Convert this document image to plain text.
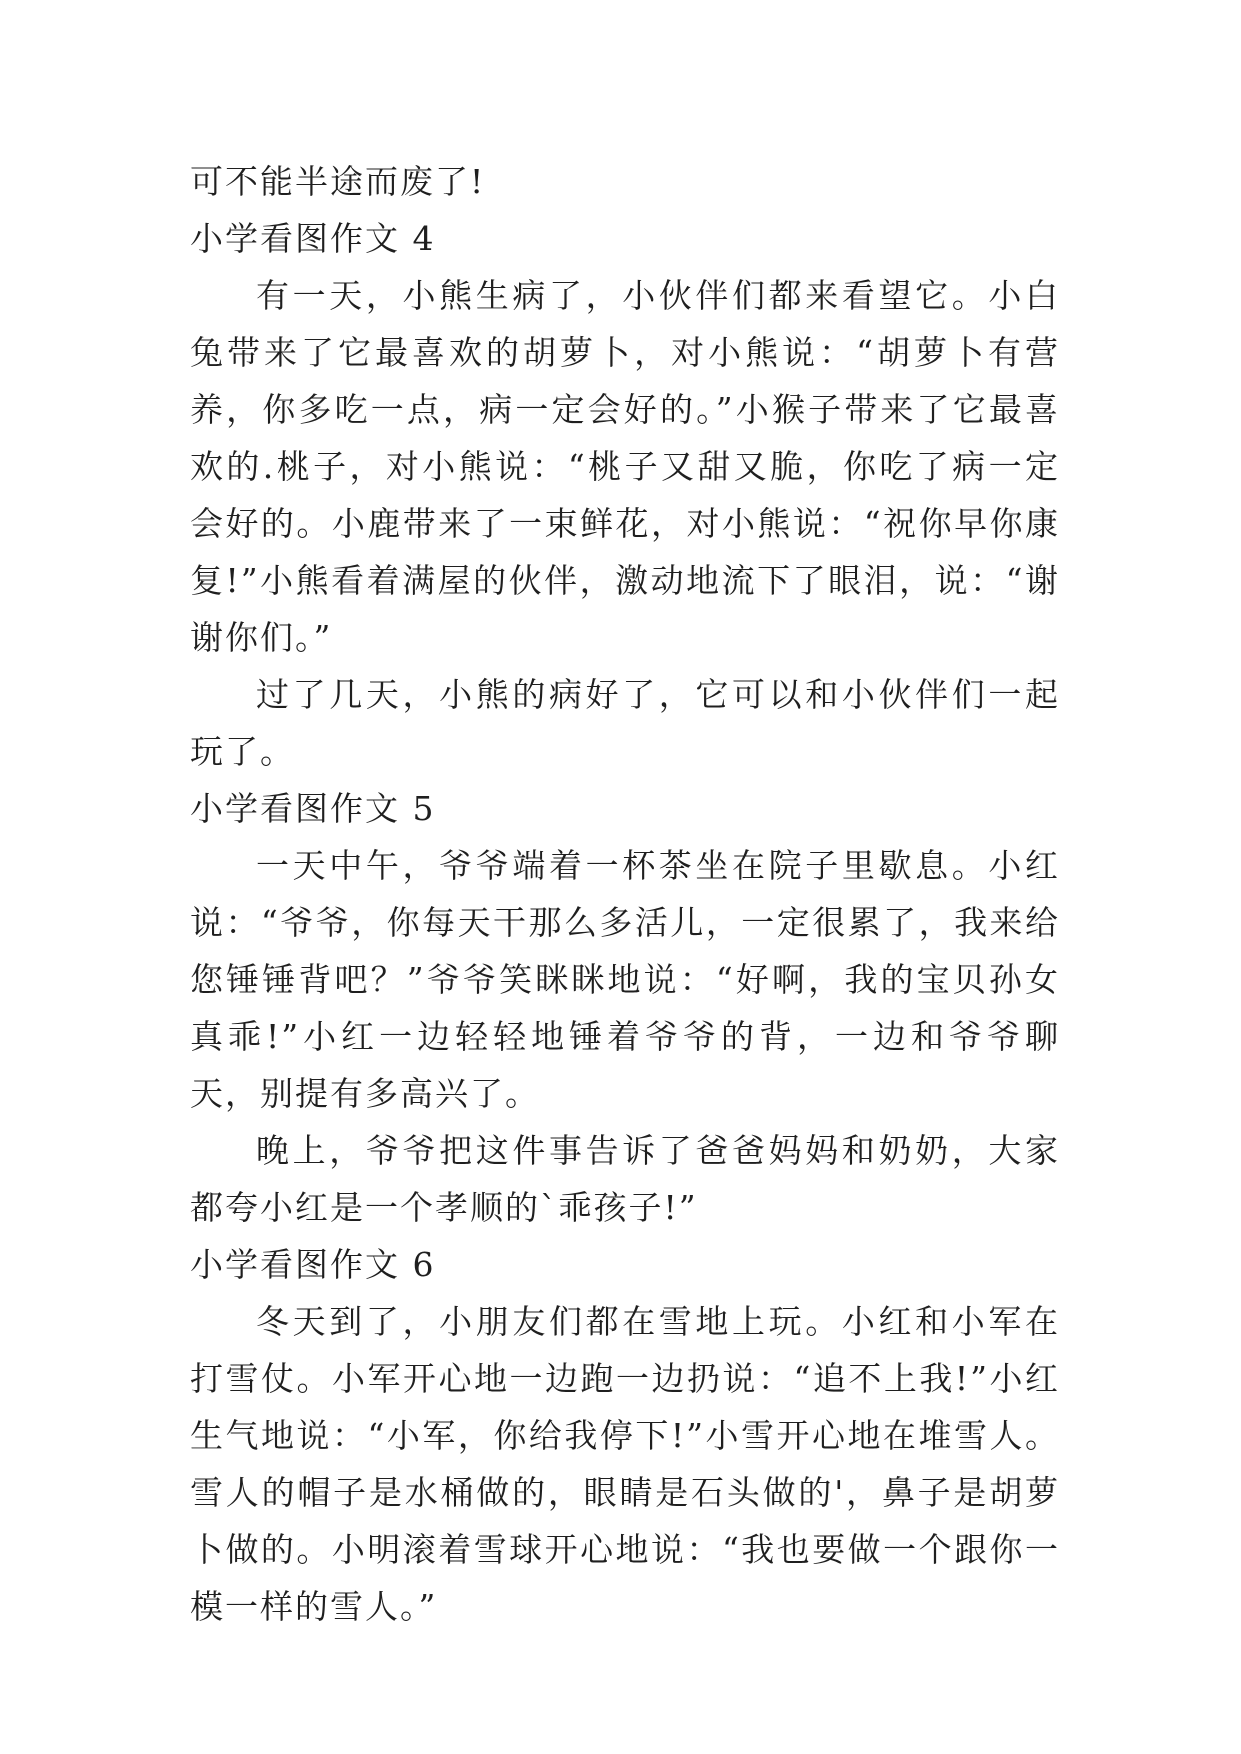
可不能半途而废了!

小学看图作文 4

有一天，小熊生病了，小伙伴们都来看望它。小白兔带来了它最喜欢的胡萝卜，对小熊说：“胡萝卜有营养，你多吃一点，病一定会好的。”小猴子带来了它最喜欢的.桃子，对小熊说：“桃子又甜又脆，你吃了病一定会好的。小鹿带来了一束鲜花，对小熊说：“祝你早你康复!”小熊看着满屋的伙伴，激动地流下了眼泪，说：“谢谢你们。”

过了几天，小熊的病好了，它可以和小伙伴们一起玩了。

小学看图作文 5

一天中午，爷爷端着一杯茶坐在院子里歇息。小红说：“爷爷，你每天干那么多活儿，一定很累了，我来给您锤锤背吧？”爷爷笑眯眯地说：“好啊，我的宝贝孙女真乖!”小红一边轻轻地锤着爷爷的背，一边和爷爷聊天，别提有多高兴了。

晚上，爷爷把这件事告诉了爸爸妈妈和奶奶，大家都夸小红是一个孝顺的`乖孩子!”

小学看图作文 6

冬天到了，小朋友们都在雪地上玩。小红和小军在打雪仗。小军开心地一边跑一边扔说：“追不上我!”小红生气地说：“小军，你给我停下!”小雪开心地在堆雪人。雪人的帽子是水桶做的，眼睛是石头做的'，鼻子是胡萝卜做的。小明滚着雪球开心地说：“我也要做一个跟你一模一样的雪人。”
